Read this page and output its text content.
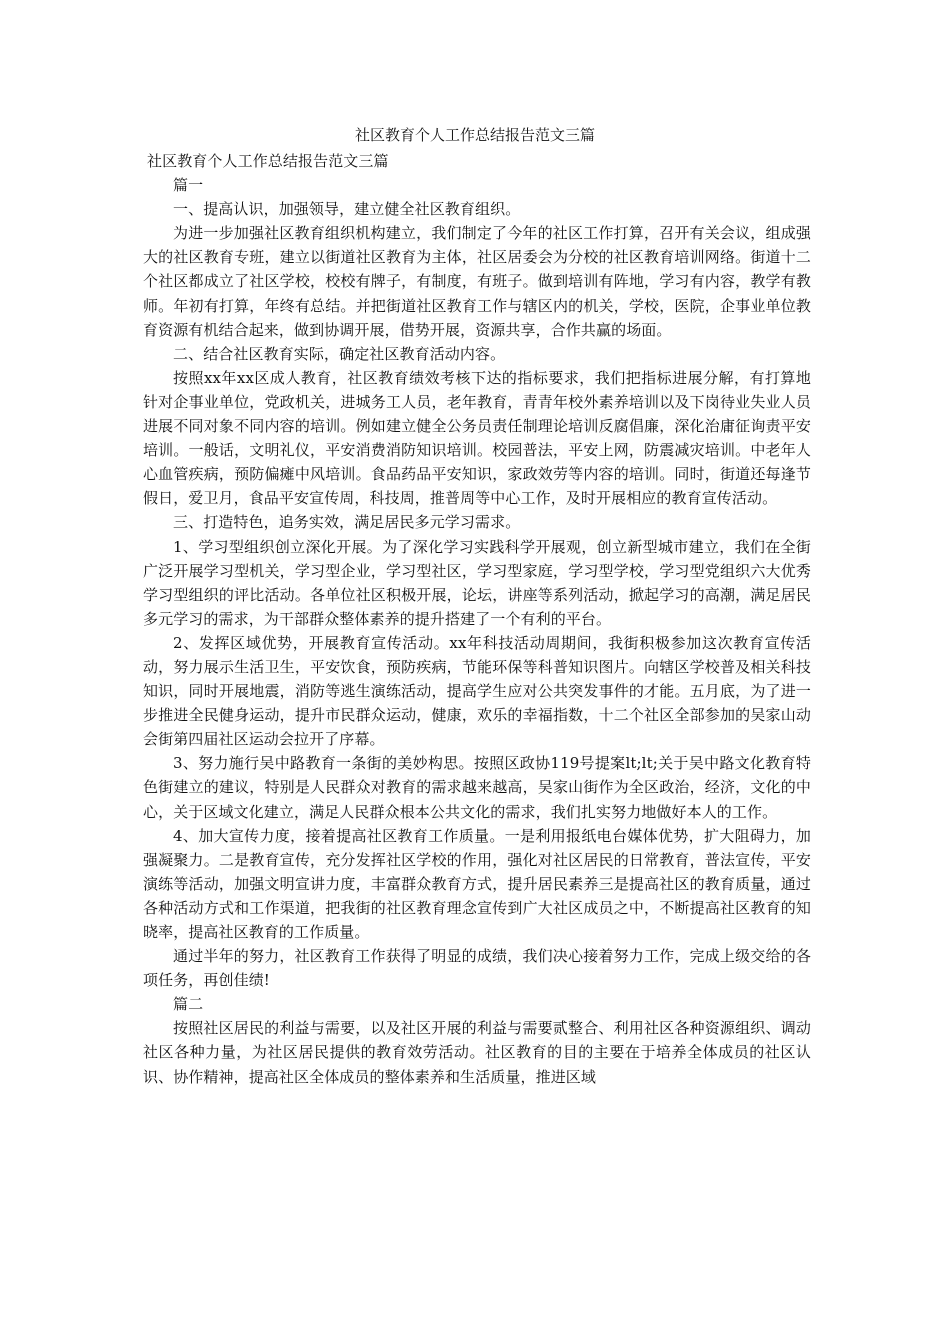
社区教育个人工作总结报告范文三篇

社区教育个人工作总结报告范文三篇

篇一

一、提高认识，加强领导，建立健全社区教育组织。

为进一步加强社区教育组织机构建立，我们制定了今年的社区工作打算，召开有关会议，组成强大的社区教育专班，建立以街道社区教育为主体，社区居委会为分校的社区教育培训网络。街道十二个社区都成立了社区学校，校校有牌子，有制度，有班子。做到培训有阵地，学习有内容，教学有教师。年初有打算，年终有总结。并把街道社区教育工作与辖区内的机关，学校，医院，企事业单位教育资源有机结合起来，做到协调开展，借势开展，资源共享，合作共赢的场面。

二、结合社区教育实际，确定社区教育活动内容。

按照xx年xx区成人教育，社区教育绩效考核下达的指标要求，我们把指标进展分解，有打算地针对企事业单位，党政机关，进城务工人员，老年教育，青青年校外素养培训以及下岗待业失业人员进展不同对象不同内容的培训。例如建立健全公务员责任制理论培训反腐倡廉，深化治庸征询责平安培训。一般话，文明礼仪，平安消费消防知识培训。校园普法，平安上网，防震减灾培训。中老年人心血管疾病，预防偏瘫中风培训。食品药品平安知识，家政效劳等内容的培训。同时，街道还每逢节假日，爱卫月，食品平安宣传周，科技周，推普周等中心工作，及时开展相应的教育宣传活动。

三、打造特色，追务实效，满足居民多元学习需求。

1、学习型组织创立深化开展。为了深化学习实践科学开展观，创立新型城市建立，我们在全街广泛开展学习型机关，学习型企业，学习型社区，学习型家庭，学习型学校，学习型党组织六大优秀学习型组织的评比活动。各单位社区积极开展，论坛，讲座等系列活动，掀起学习的高潮，满足居民多元学习的需求，为干部群众整体素养的提升搭建了一个有利的平台。

2、发挥区域优势，开展教育宣传活动。xx年科技活动周期间，我街积极参加这次教育宣传活动，努力展示生活卫生，平安饮食，预防疾病，节能环保等科普知识图片。向辖区学校普及相关科技知识，同时开展地震，消防等逃生演练活动，提高学生应对公共突发事件的才能。五月底，为了进一步推进全民健身运动，提升市民群众运动，健康，欢乐的幸福指数，十二个社区全部参加的吴家山动会街第四届社区运动会拉开了序幕。

3、努力施行吴中路教育一条街的美妙构思。按照区政协119号提案lt;lt;关于吴中路文化教育特色街建立的建议，特别是人民群众对教育的需求越来越高，吴家山街作为全区政治，经济，文化的中心，关于区域文化建立，满足人民群众根本公共文化的需求，我们扎实努力地做好本人的工作。

4、加大宣传力度，接着提高社区教育工作质量。一是利用报纸电台媒体优势，扩大阻碍力，加强凝聚力。二是教育宣传，充分发挥社区学校的作用，强化对社区居民的日常教育，普法宣传，平安演练等活动，加强文明宣讲力度，丰富群众教育方式，提升居民素养三是提高社区的教育质量，通过各种活动方式和工作渠道，把我街的社区教育理念宣传到广大社区成员之中，不断提高社区教育的知晓率，提高社区教育的工作质量。

通过半年的努力，社区教育工作获得了明显的成绩，我们决心接着努力工作，完成上级交给的各项任务，再创佳绩!

篇二

按照社区居民的利益与需要，以及社区开展的利益与需要贰整合、利用社区各种资源组织、调动社区各种力量，为社区居民提供的教育效劳活动。社区教育的目的主要在于培养全体成员的社区认识、协作精神，提高社区全体成员的整体素养和生活质量，推进区域
